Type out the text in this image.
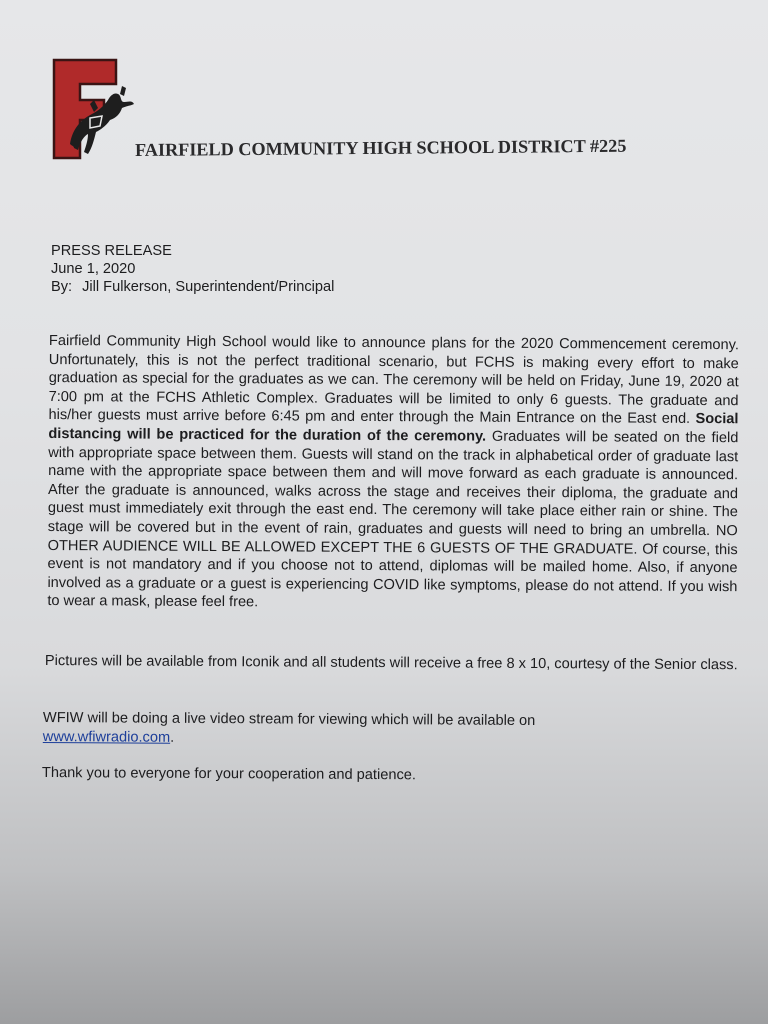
FAIRFIELD COMMUNITY HIGH SCHOOL DISTRICT #225
PRESS RELEASE
June 1, 2020
By: Jill Fulkerson, Superintendent/Principal

Fairfield Community High School would like to announce plans for the 2020 Commencement ceremony. Unfortunately, this is not the perfect traditional scenario, but FCHS is making every effort to make graduation as special for the graduates as we can. The ceremony will be held on Friday, June 19, 2020 at 7:00 pm at the FCHS Athletic Complex. Graduates will be limited to only 6 guests. The graduate and his/her guests must arrive before 6:45 pm and enter through the Main Entrance on the East end. Social distancing will be practiced for the duration of the ceremony. Graduates will be seated on the field with appropriate space between them. Guests will stand on the track in alphabetical order of graduate last name with the appropriate space between them and will move forward as each graduate is announced. After the graduate is announced, walks across the stage and receives their diploma, the graduate and guest must immediately exit through the east end. The ceremony will take place either rain or shine. The stage will be covered but in the event of rain, graduates and guests will need to bring an umbrella. NO OTHER AUDIENCE WILL BE ALLOWED EXCEPT THE 6 GUESTS OF THE GRADUATE. Of course, this event is not mandatory and if you choose not to attend, diplomas will be mailed home. Also, if anyone involved as a graduate or a guest is experiencing COVID like symptoms, please do not attend. If you wish to wear a mask, please feel free.

Pictures will be available from Iconik and all students will receive a free 8 x 10, courtesy of the Senior class.

WFIW will be doing a live video stream for viewing which will be available on
www.wfiwradio.com.

Thank you to everyone for your cooperation and patience.
